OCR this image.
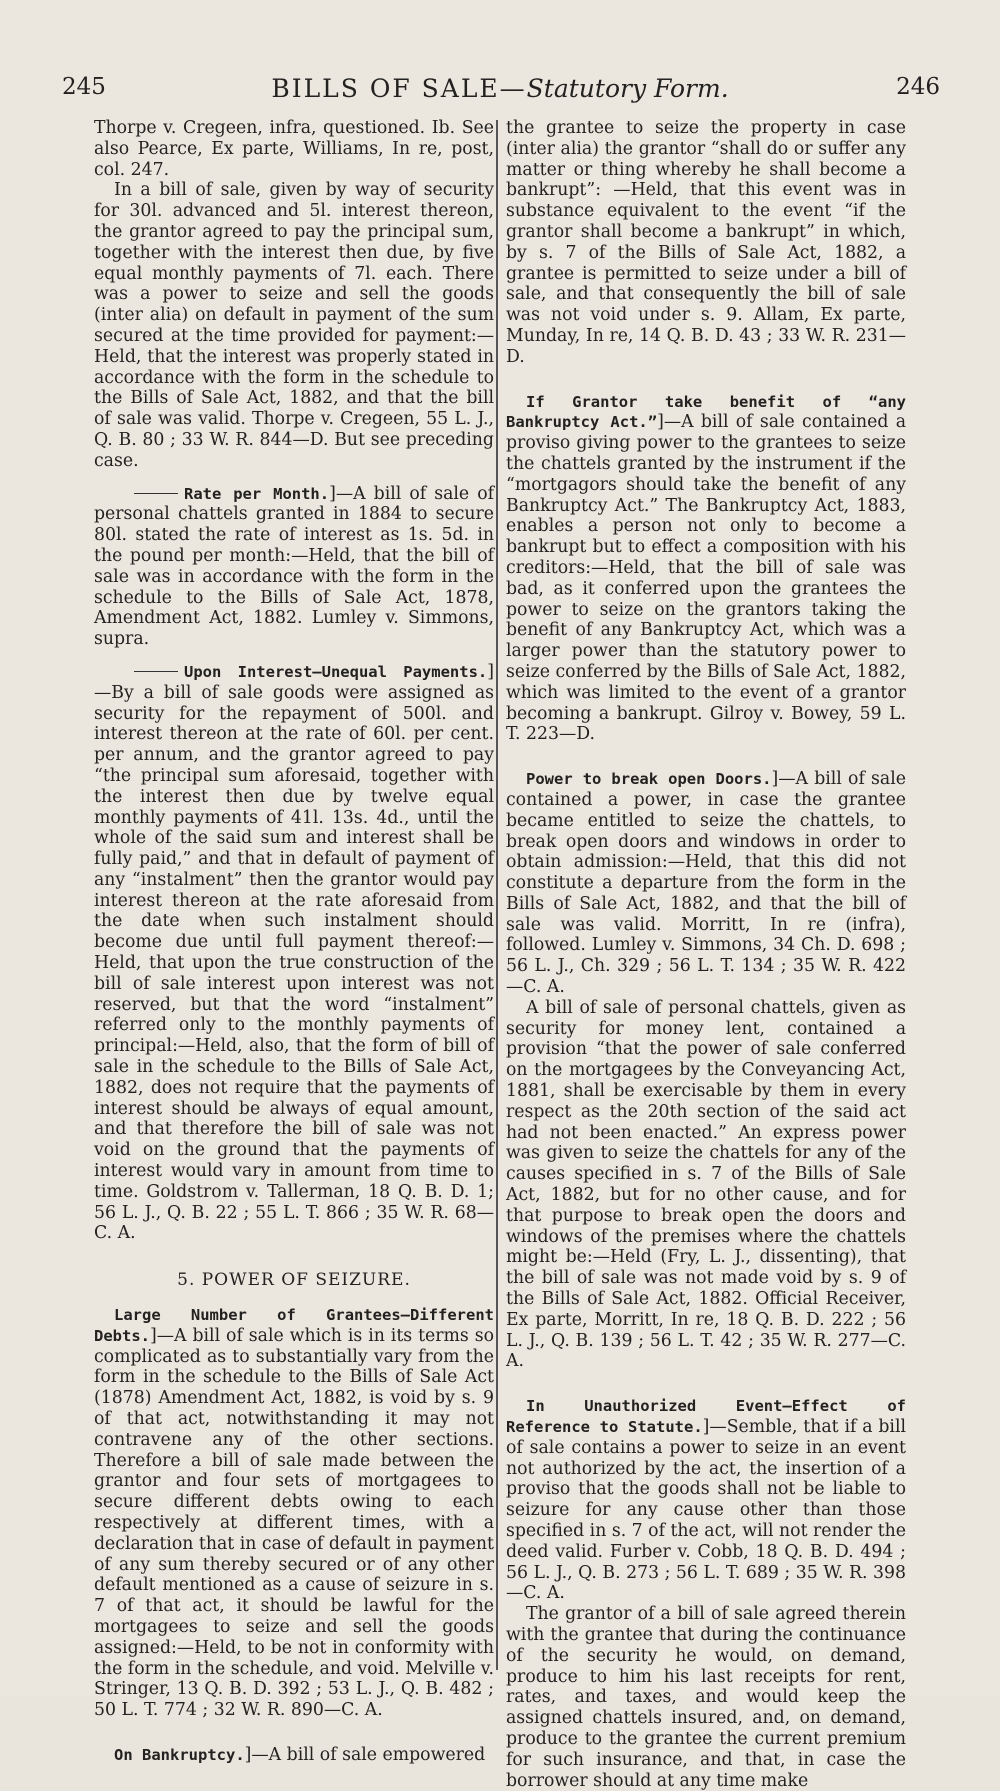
245	BILLS OF SALE—Statutory Form.	246

Thorpe v. Cregeen, infra, questioned. Ib. See also Pearce, Ex parte, Williams, In re, post, col. 247.

In a bill of sale, given by way of security for 30l. advanced and 5l. interest thereon, the grantor agreed to pay the principal sum, together with the interest then due, by five equal monthly payments of 7l. each. There was a power to seize and sell the goods (inter alia) on default in payment of the sum secured at the time provided for payment:—Held, that the interest was properly stated in accordance with the form in the schedule to the Bills of Sale Act, 1882, and that the bill of sale was valid. Thorpe v. Cregeen, 55 L. J., Q. B. 80 ; 33 W. R. 844—D. But see preceding case.

Rate per Month.]—A bill of sale of personal chattels granted in 1884 to secure 80l. stated the rate of interest as 1s. 5d. in the pound per month:—Held, that the bill of sale was in accordance with the form in the schedule to the Bills of Sale Act, 1878, Amendment Act, 1882. Lumley v. Simmons, supra.

Upon Interest—Unequal Payments.]—By a bill of sale goods were assigned as security for the repayment of 500l. and interest thereon at the rate of 60l. per cent. per annum, and the grantor agreed to pay “the principal sum aforesaid, together with the interest then due by twelve equal monthly payments of 41l. 13s. 4d., until the whole of the said sum and interest shall be fully paid,” and that in default of payment of any “instalment” then the grantor would pay interest thereon at the rate aforesaid from the date when such instalment should become due until full payment thereof:—Held, that upon the true construction of the bill of sale interest upon interest was not reserved, but that the word “instalment” referred only to the monthly payments of principal:—Held, also, that the form of bill of sale in the schedule to the Bills of Sale Act, 1882, does not require that the payments of interest should be always of equal amount, and that therefore the bill of sale was not void on the ground that the payments of interest would vary in amount from time to time. Goldstrom v. Tallerman, 18 Q. B. D. 1; 56 L. J., Q. B. 22 ; 55 L. T. 866 ; 35 W. R. 68—C. A.

5. POWER OF SEIZURE.

Large Number of Grantees—Different Debts.]—A bill of sale which is in its terms so complicated as to substantially vary from the form in the schedule to the Bills of Sale Act (1878) Amendment Act, 1882, is void by s. 9 of that act, notwithstanding it may not contravene any of the other sections. Therefore a bill of sale made between the grantor and four sets of mortgagees to secure different debts owing to each respectively at different times, with a declaration that in case of default in payment of any sum thereby secured or of any other default mentioned as a cause of seizure in s. 7 of that act, it should be lawful for the mortgagees to seize and sell the goods assigned:—Held, to be not in conformity with the form in the schedule, and void. Melville v. Stringer, 13 Q. B. D. 392 ; 53 L. J., Q. B. 482 ; 50 L. T. 774 ; 32 W. R. 890—C. A.

On Bankruptcy.]—A bill of sale empowered

the grantee to seize the property in case (inter alia) the grantor “shall do or suffer any matter or thing whereby he shall become a bankrupt”: —Held, that this event was in substance equivalent to the event “if the grantor shall become a bankrupt” in which, by s. 7 of the Bills of Sale Act, 1882, a grantee is permitted to seize under a bill of sale, and that consequently the bill of sale was not void under s. 9. Allam, Ex parte, Munday, In re, 14 Q. B. D. 43 ; 33 W. R. 231—D.

If Grantor take benefit of “any Bankruptcy Act.”]—A bill of sale contained a proviso giving power to the grantees to seize the chattels granted by the instrument if the “mortgagors should take the benefit of any Bankruptcy Act.” The Bankruptcy Act, 1883, enables a person not only to become a bankrupt but to effect a composition with his creditors:—Held, that the bill of sale was bad, as it conferred upon the grantees the power to seize on the grantors taking the benefit of any Bankruptcy Act, which was a larger power than the statutory power to seize conferred by the Bills of Sale Act, 1882, which was limited to the event of a grantor becoming a bankrupt. Gilroy v. Bowey, 59 L. T. 223—D.

Power to break open Doors.]—A bill of sale contained a power, in case the grantee became entitled to seize the chattels, to break open doors and windows in order to obtain admission:—Held, that this did not constitute a departure from the form in the Bills of Sale Act, 1882, and that the bill of sale was valid. Morritt, In re (infra), followed. Lumley v. Simmons, 34 Ch. D. 698 ; 56 L. J., Ch. 329 ; 56 L. T. 134 ; 35 W. R. 422—C. A.

A bill of sale of personal chattels, given as security for money lent, contained a provision “that the power of sale conferred on the mortgagees by the Conveyancing Act, 1881, shall be exercisable by them in every respect as the 20th section of the said act had not been enacted.” An express power was given to seize the chattels for any of the causes specified in s. 7 of the Bills of Sale Act, 1882, but for no other cause, and for that purpose to break open the doors and windows of the premises where the chattels might be:—Held (Fry, L. J., dissenting), that the bill of sale was not made void by s. 9 of the Bills of Sale Act, 1882. Official Receiver, Ex parte, Morritt, In re, 18 Q. B. D. 222 ; 56 L. J., Q. B. 139 ; 56 L. T. 42 ; 35 W. R. 277—C. A.

In Unauthorized Event—Effect of Reference to Statute.]—Semble, that if a bill of sale contains a power to seize in an event not authorized by the act, the insertion of a proviso that the goods shall not be liable to seizure for any cause other than those specified in s. 7 of the act, will not render the deed valid. Furber v. Cobb, 18 Q. B. D. 494 ; 56 L. J., Q. B. 273 ; 56 L. T. 689 ; 35 W. R. 398—C. A.

The grantor of a bill of sale agreed therein with the grantee that during the continuance of the security he would, on demand, produce to him his last receipts for rent, rates, and taxes, and would keep the assigned chattels insured, and, on demand, produce to the grantee the current premium for such insurance, and that, in case the borrower should at any time make
